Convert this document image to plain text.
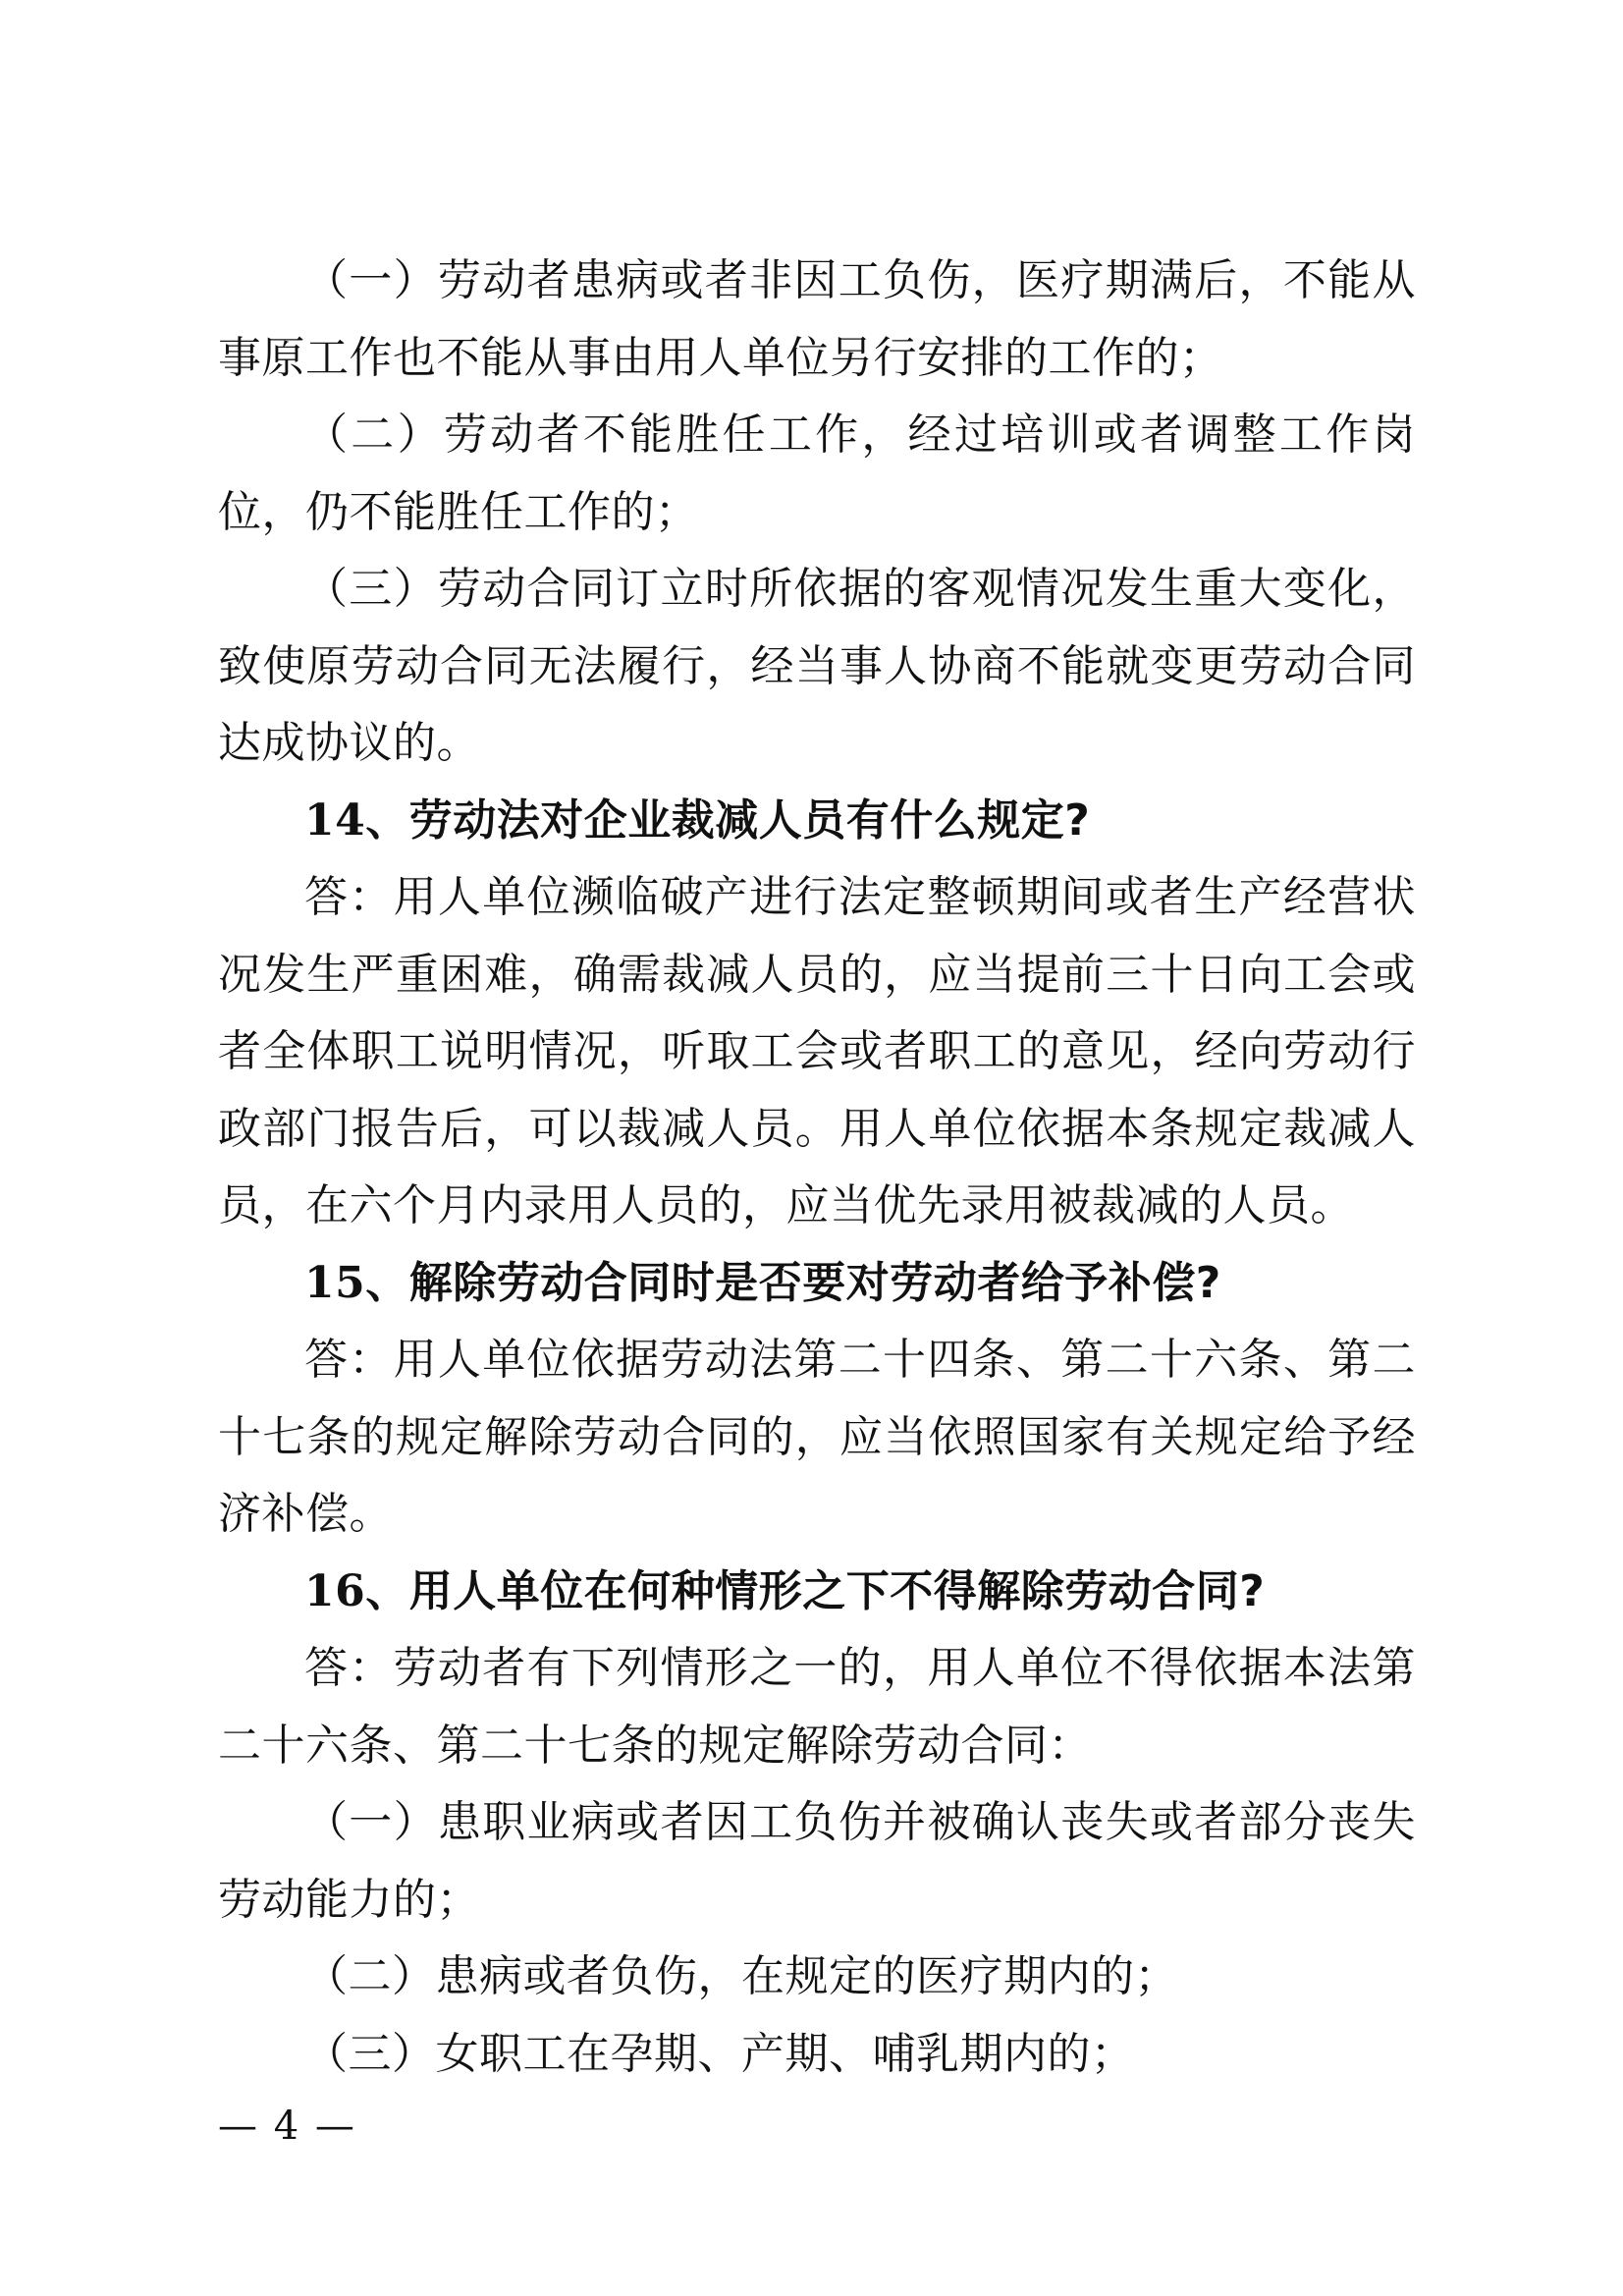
（一）劳动者患病或者非因工负伤，医疗期满后，不能从事原工作也不能从事由用人单位另行安排的工作的；

（二）劳动者不能胜任工作，经过培训或者调整工作岗位，仍不能胜任工作的；

（三）劳动合同订立时所依据的客观情况发生重大变化，致使原劳动合同无法履行，经当事人协商不能就变更劳动合同达成协议的。

14、劳动法对企业裁减人员有什么规定?

答：用人单位濒临破产进行法定整顿期间或者生产经营状况发生严重困难，确需裁减人员的，应当提前三十日向工会或者全体职工说明情况，听取工会或者职工的意见，经向劳动行政部门报告后，可以裁减人员。用人单位依据本条规定裁减人员，在六个月内录用人员的，应当优先录用被裁减的人员。

15、解除劳动合同时是否要对劳动者给予补偿?

答：用人单位依据劳动法第二十四条、第二十六条、第二十七条的规定解除劳动合同的，应当依照国家有关规定给予经济补偿。

16、用人单位在何种情形之下不得解除劳动合同?

答：劳动者有下列情形之一的，用人单位不得依据本法第二十六条、第二十七条的规定解除劳动合同：

（一）患职业病或者因工负伤并被确认丧失或者部分丧失劳动能力的；

（二）患病或者负伤，在规定的医疗期内的；

（三）女职工在孕期、产期、哺乳期内的；

— 4 —
